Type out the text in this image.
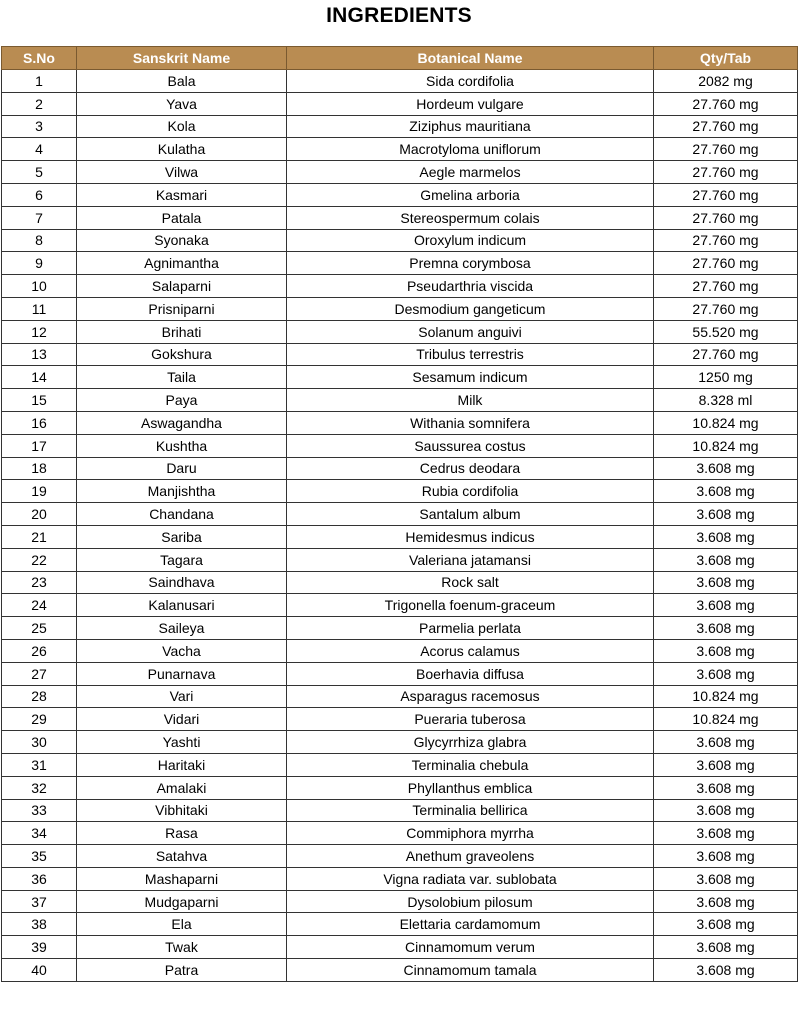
INGREDIENTS
S.No	Sanskrit Name	Botanical Name	Qty/Tab
1	Bala	Sida cordifolia	2082 mg
2	Yava	Hordeum vulgare	27.760 mg
3	Kola	Ziziphus mauritiana	27.760 mg
4	Kulatha	Macrotyloma uniflorum	27.760 mg
5	Vilwa	Aegle marmelos	27.760 mg
6	Kasmari	Gmelina arboria	27.760 mg
7	Patala	Stereospermum colais	27.760 mg
8	Syonaka	Oroxylum indicum	27.760 mg
9	Agnimantha	Premna corymbosa	27.760 mg
10	Salaparni	Pseudarthria viscida	27.760 mg
11	Prisniparni	Desmodium gangeticum	27.760 mg
12	Brihati	Solanum anguivi	55.520 mg
13	Gokshura	Tribulus terrestris	27.760 mg
14	Taila	Sesamum indicum	1250 mg
15	Paya	Milk	8.328 ml
16	Aswagandha	Withania somnifera	10.824 mg
17	Kushtha	Saussurea costus	10.824 mg
18	Daru	Cedrus deodara	3.608 mg
19	Manjishtha	Rubia cordifolia	3.608 mg
20	Chandana	Santalum album	3.608 mg
21	Sariba	Hemidesmus indicus	3.608 mg
22	Tagara	Valeriana jatamansi	3.608 mg
23	Saindhava	Rock salt	3.608 mg
24	Kalanusari	Trigonella foenum-graceum	3.608 mg
25	Saileya	Parmelia perlata	3.608 mg
26	Vacha	Acorus calamus	3.608 mg
27	Punarnava	Boerhavia diffusa	3.608 mg
28	Vari	Asparagus racemosus	10.824 mg
29	Vidari	Pueraria tuberosa	10.824 mg
30	Yashti	Glycyrrhiza glabra	3.608 mg
31	Haritaki	Terminalia chebula	3.608 mg
32	Amalaki	Phyllanthus emblica	3.608 mg
33	Vibhitaki	Terminalia bellirica	3.608 mg
34	Rasa	Commiphora myrrha	3.608 mg
35	Satahva	Anethum graveolens	3.608 mg
36	Mashaparni	Vigna radiata var. sublobata	3.608 mg
37	Mudgaparni	Dysolobium pilosum	3.608 mg
38	Ela	Elettaria cardamomum	3.608 mg
39	Twak	Cinnamomum verum	3.608 mg
40	Patra	Cinnamomum tamala	3.608 mg
